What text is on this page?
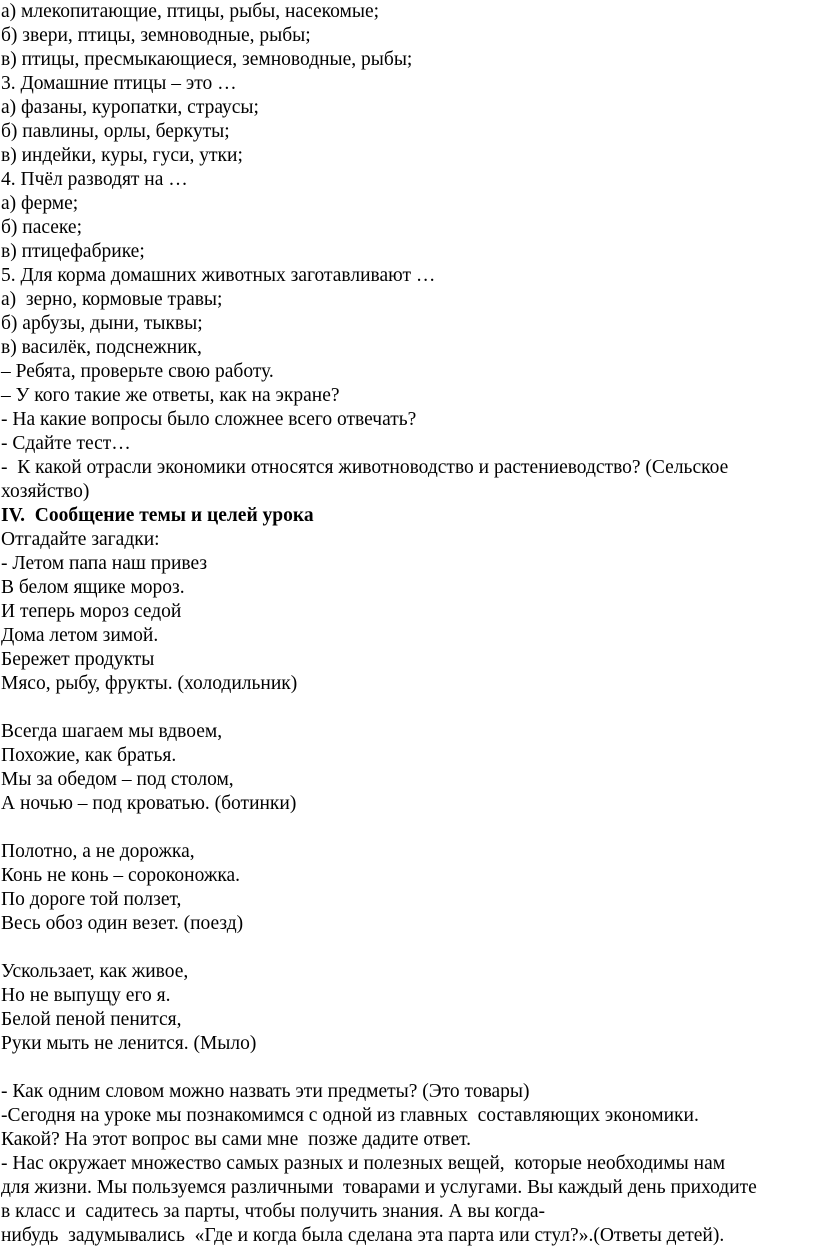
а) млекопитающие, птицы, рыбы, насекомые;
б) звери, птицы, земноводные, рыбы;
в) птицы, пресмыкающиеся, земноводные, рыбы;
3. Домашние птицы – это …
а) фазаны, куропатки, страусы;
б) павлины, орлы, беркуты;
в) индейки, куры, гуси, утки;
4. Пчёл разводят на …
а) ферме;
б) пасеке;
в) птицефабрике;
5. Для корма домашних животных заготавливают …
а)  зерно, кормовые травы;
б) арбузы, дыни, тыквы;
в) василёк, подснежник,
– Ребята, проверьте свою работу.
– У кого такие же ответы, как на экране?
- На какие вопросы было сложнее всего отвечать?
- Сдайте тест…
-  К какой отрасли экономики относятся животноводство и растениеводство? (Сельское
хозяйство)
IV.  Сообщение темы и целей урока
Отгадайте загадки:
- Летом папа наш привез
В белом ящике мороз.
И теперь мороз седой
Дома летом зимой.
Бережет продукты
Мясо, рыбу, фрукты. (холодильник)
Всегда шагаем мы вдвоем,
Похожие, как братья.
Мы за обедом – под столом,
А ночью – под кроватью. (ботинки)
Полотно, а не дорожка,
Конь не конь – сороконожка.
По дороге той ползет,
Весь обоз один везет. (поезд)
Ускользает, как живое,
Но не выпущу его я.
Белой пеной пенится,
Руки мыть не ленится. (Мыло)
- Как одним словом можно назвать эти предметы? (Это товары)
-Сегодня на уроке мы познакомимся с одной из главных  составляющих экономики.
Какой? На этот вопрос вы сами мне  позже дадите ответ.
- Нас окружает множество самых разных и полезных вещей,  которые необходимы нам
для жизни. Мы пользуемся различными  товарами и услугами. Вы каждый день приходите
в класс и  садитесь за парты, чтобы получить знания. А вы когда-
нибудь  задумывались  «Где и когда была сделана эта парта или стул?».(Ответы детей).
